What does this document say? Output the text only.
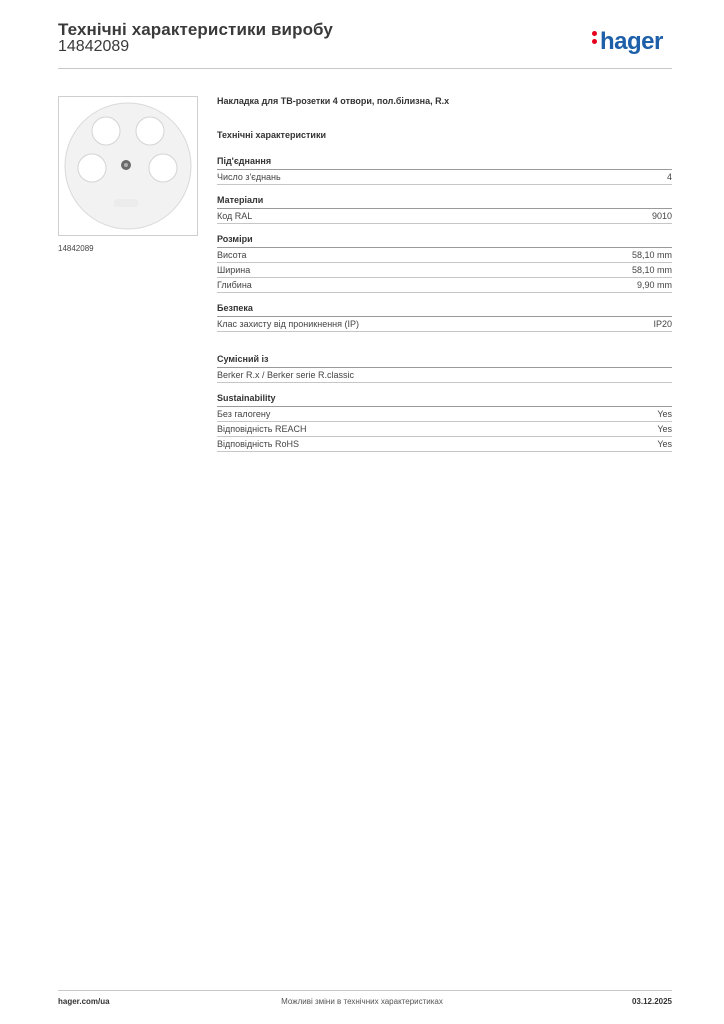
Технічні характеристики виробу
14842089	hager
14842089
Накладка для ТВ-розетки 4 отвори, пол.білизна, R.x
Технічні характеристики
Під'єднання
Число з'єднань	4
Матеріали
Код RAL	9010
Розміри
Висота	58,10 mm
Ширина	58,10 mm
Глибина	9,90 mm
Безпека
Клас захисту від проникнення (IP)	IP20
Сумісний із
Berker R.x / Berker serie R.classic
Sustainability
Без галогену	Yes
Відповідність REACH	Yes
Відповідність RoHS	Yes
hager.com/ua	Можливі зміни в технічних характеристиках	03.12.2025
